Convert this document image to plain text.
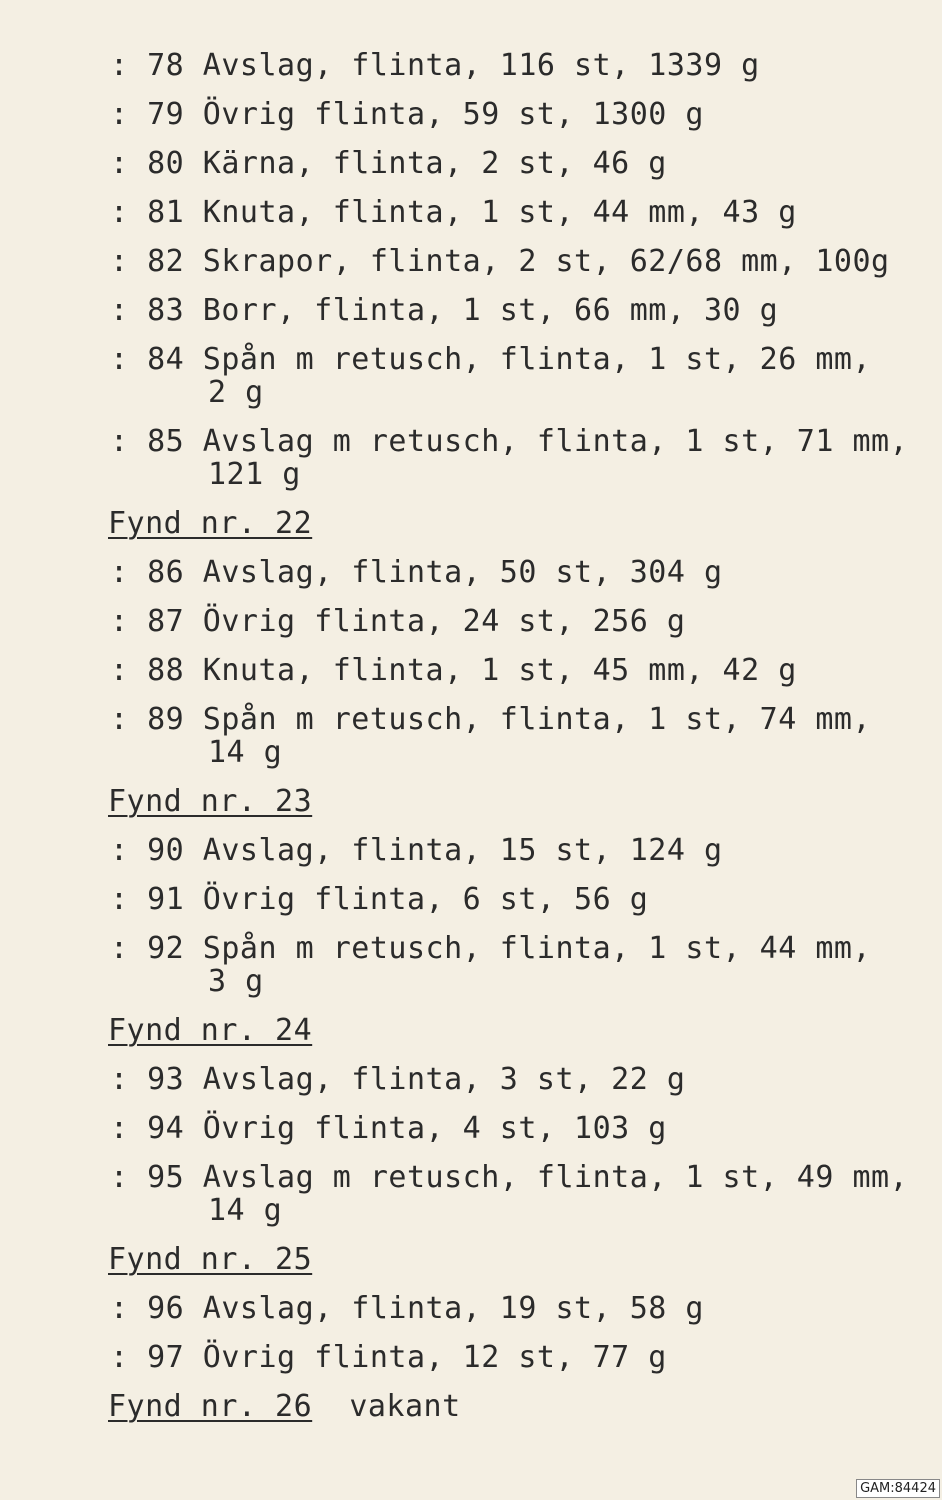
: 78 Avslag, flinta, 116 st, 1339 g
: 79 Övrig flinta, 59 st, 1300 g
: 80 Kärna, flinta, 2 st, 46 g
: 81 Knuta, flinta, 1 st, 44 mm, 43 g
: 82 Skrapor, flinta, 2 st, 62/68 mm, 100g
: 83 Borr, flinta, 1 st, 66 mm, 30 g
: 84 Spån m retusch, flinta, 1 st, 26 mm,
2 g
: 85 Avslag m retusch, flinta, 1 st, 71 mm,
121 g
Fynd nr. 22
: 86 Avslag, flinta, 50 st, 304 g
: 87 Övrig flinta, 24 st, 256 g
: 88 Knuta, flinta, 1 st, 45 mm, 42 g
: 89 Spån m retusch, flinta, 1 st, 74 mm,
14 g
Fynd nr. 23
: 90 Avslag, flinta, 15 st, 124 g
: 91 Övrig flinta, 6 st, 56 g
: 92 Spån m retusch, flinta, 1 st, 44 mm,
3 g
Fynd nr. 24
: 93 Avslag, flinta, 3 st, 22 g
: 94 Övrig flinta, 4 st, 103 g
: 95 Avslag m retusch, flinta, 1 st, 49 mm,
14 g
Fynd nr. 25
: 96 Avslag, flinta, 19 st, 58 g
: 97 Övrig flinta, 12 st, 77 g
Fynd nr. 26 vakant
GAM:84424
